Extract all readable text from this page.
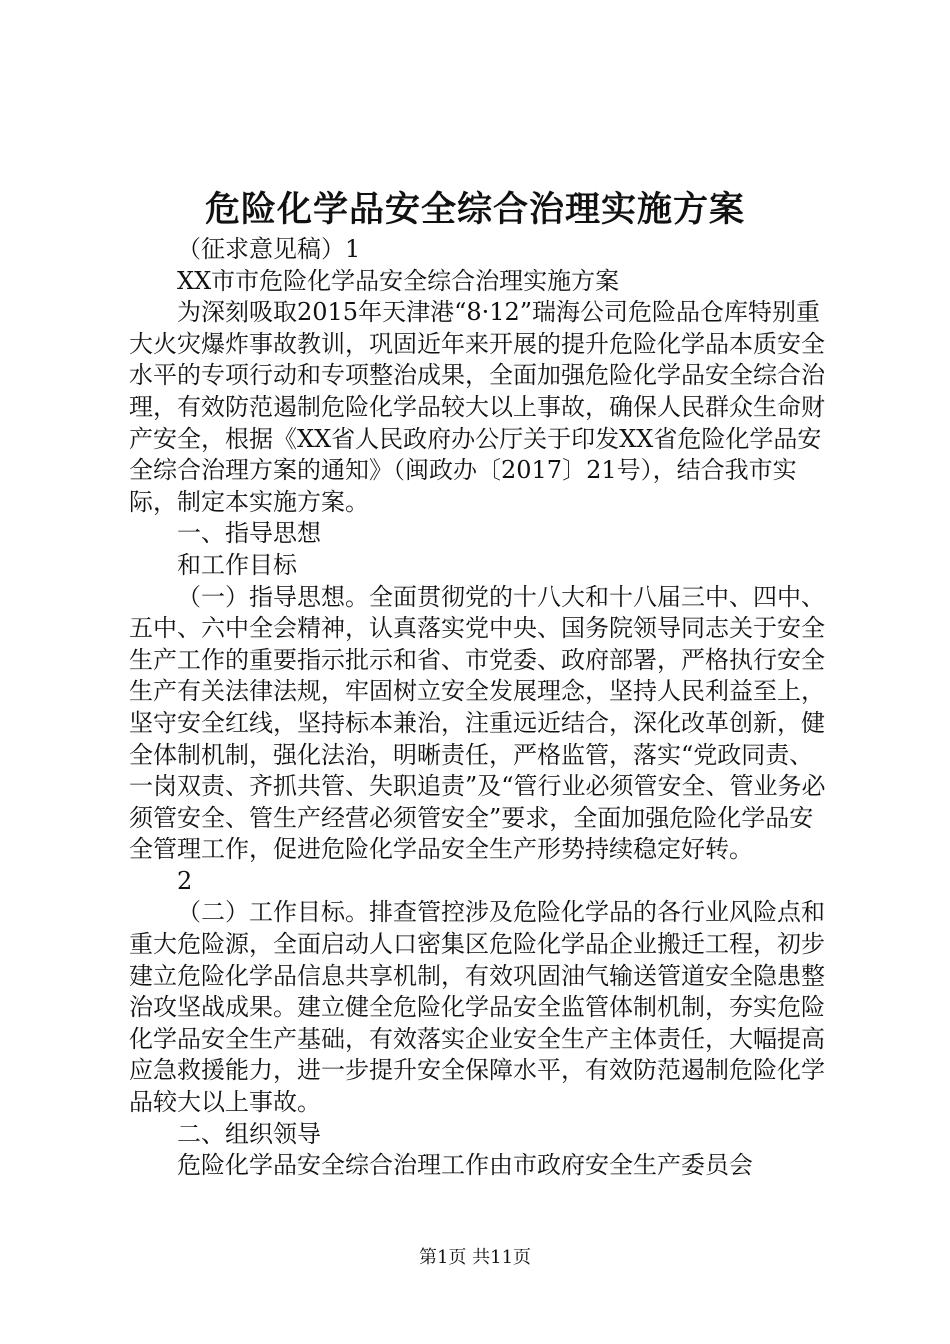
危险化学品安全综合治理实施方案

（征求意见稿）1

XX市市危险化学品安全综合治理实施方案

为深刻吸取2015年天津港“8·12”瑞海公司危险品仓库特别重大火灾爆炸事故教训，巩固近年来开展的提升危险化学品本质安全水平的专项行动和专项整治成果，全面加强危险化学品安全综合治理，有效防范遏制危险化学品较大以上事故，确保人民群众生命财产安全，根据《XX省人民政府办公厅关于印发XX省危险化学品安全综合治理方案的通知》（闽政办〔2017〕21号），结合我市实际，制定本实施方案。

一、指导思想

和工作目标

（一）指导思想。全面贯彻党的十八大和十八届三中、四中、五中、六中全会精神，认真落实党中央、国务院领导同志关于安全生产工作的重要指示批示和省、市党委、政府部署，严格执行安全生产有关法律法规，牢固树立安全发展理念，坚持人民利益至上，坚守安全红线，坚持标本兼治，注重远近结合，深化改革创新，健全体制机制，强化法治，明晰责任，严格监管，落实“党政同责、一岗双责、齐抓共管、失职追责”及“管行业必须管安全、管业务必须管安全、管生产经营必须管安全”要求，全面加强危险化学品安全管理工作，促进危险化学品安全生产形势持续稳定好转。

2

（二）工作目标。排查管控涉及危险化学品的各行业风险点和重大危险源，全面启动人口密集区危险化学品企业搬迁工程，初步建立危险化学品信息共享机制，有效巩固油气输送管道安全隐患整治攻坚战成果。建立健全危险化学品安全监管体制机制，夯实危险化学品安全生产基础，有效落实企业安全生产主体责任，大幅提高应急救援能力，进一步提升安全保障水平，有效防范遏制危险化学品较大以上事故。

二、组织领导

危险化学品安全综合治理工作由市政府安全生产委员会

第1页 共11页
